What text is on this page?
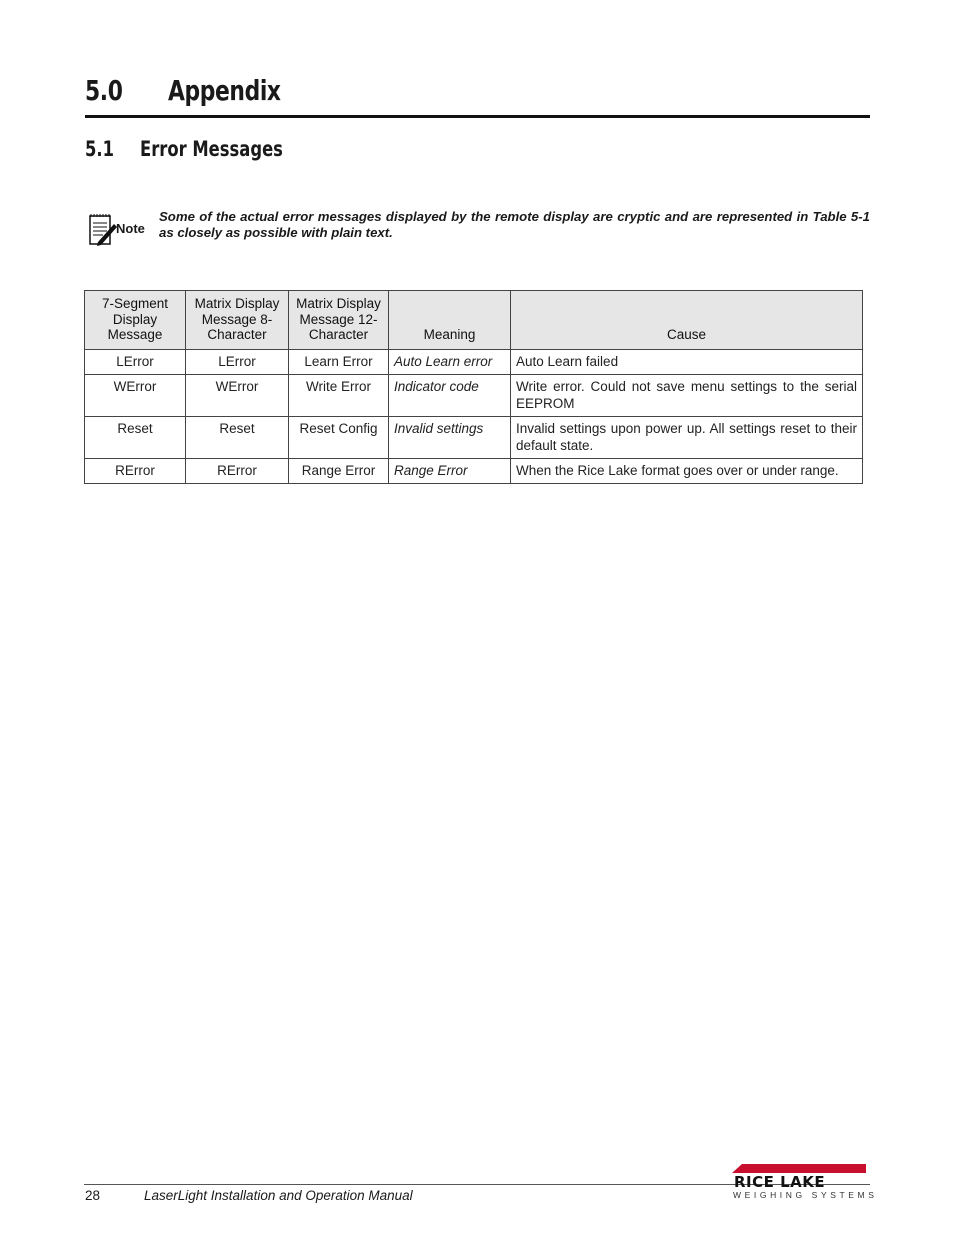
5.0 Appendix
5.1 Error Messages
Note
Some of the actual error messages displayed by the remote display are cryptic and are represented in Table 5-1 as closely as possible with plain text.
7-Segment Display Message	Matrix Display Message 8-Character	Matrix Display Message 12-Character	Meaning	Cause
LError	LError	Learn Error	Auto Learn error	Auto Learn failed
WError	WError	Write Error	Indicator code	Write error. Could not save menu settings to the serial EEPROM
Reset	Reset	Reset Config	Invalid settings	Invalid settings upon power up. All settings reset to their default state.
RError	RError	Range Error	Range Error	When the Rice Lake format goes over or under range.
28	LaserLight Installation and Operation Manual
RICE LAKE
WEIGHING SYSTEMS
